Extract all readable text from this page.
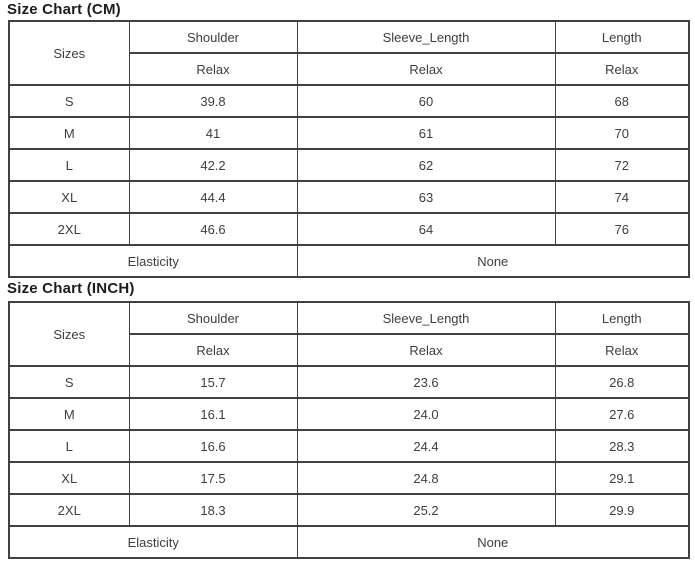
Size Chart (CM)
Sizes	Shoulder	Sleeve_Length	Length
	Relax	Relax	Relax
S	39.8	60	68
M	41	61	70
L	42.2	62	72
XL	44.4	63	74
2XL	46.6	64	76
Elasticity		None	
Size Chart (INCH)
Sizes	Shoulder	Sleeve_Length	Length
	Relax	Relax	Relax
S	15.7	23.6	26.8
M	16.1	24.0	27.6
L	16.6	24.4	28.3
XL	17.5	24.8	29.1
2XL	18.3	25.2	29.9
Elasticity		None	
